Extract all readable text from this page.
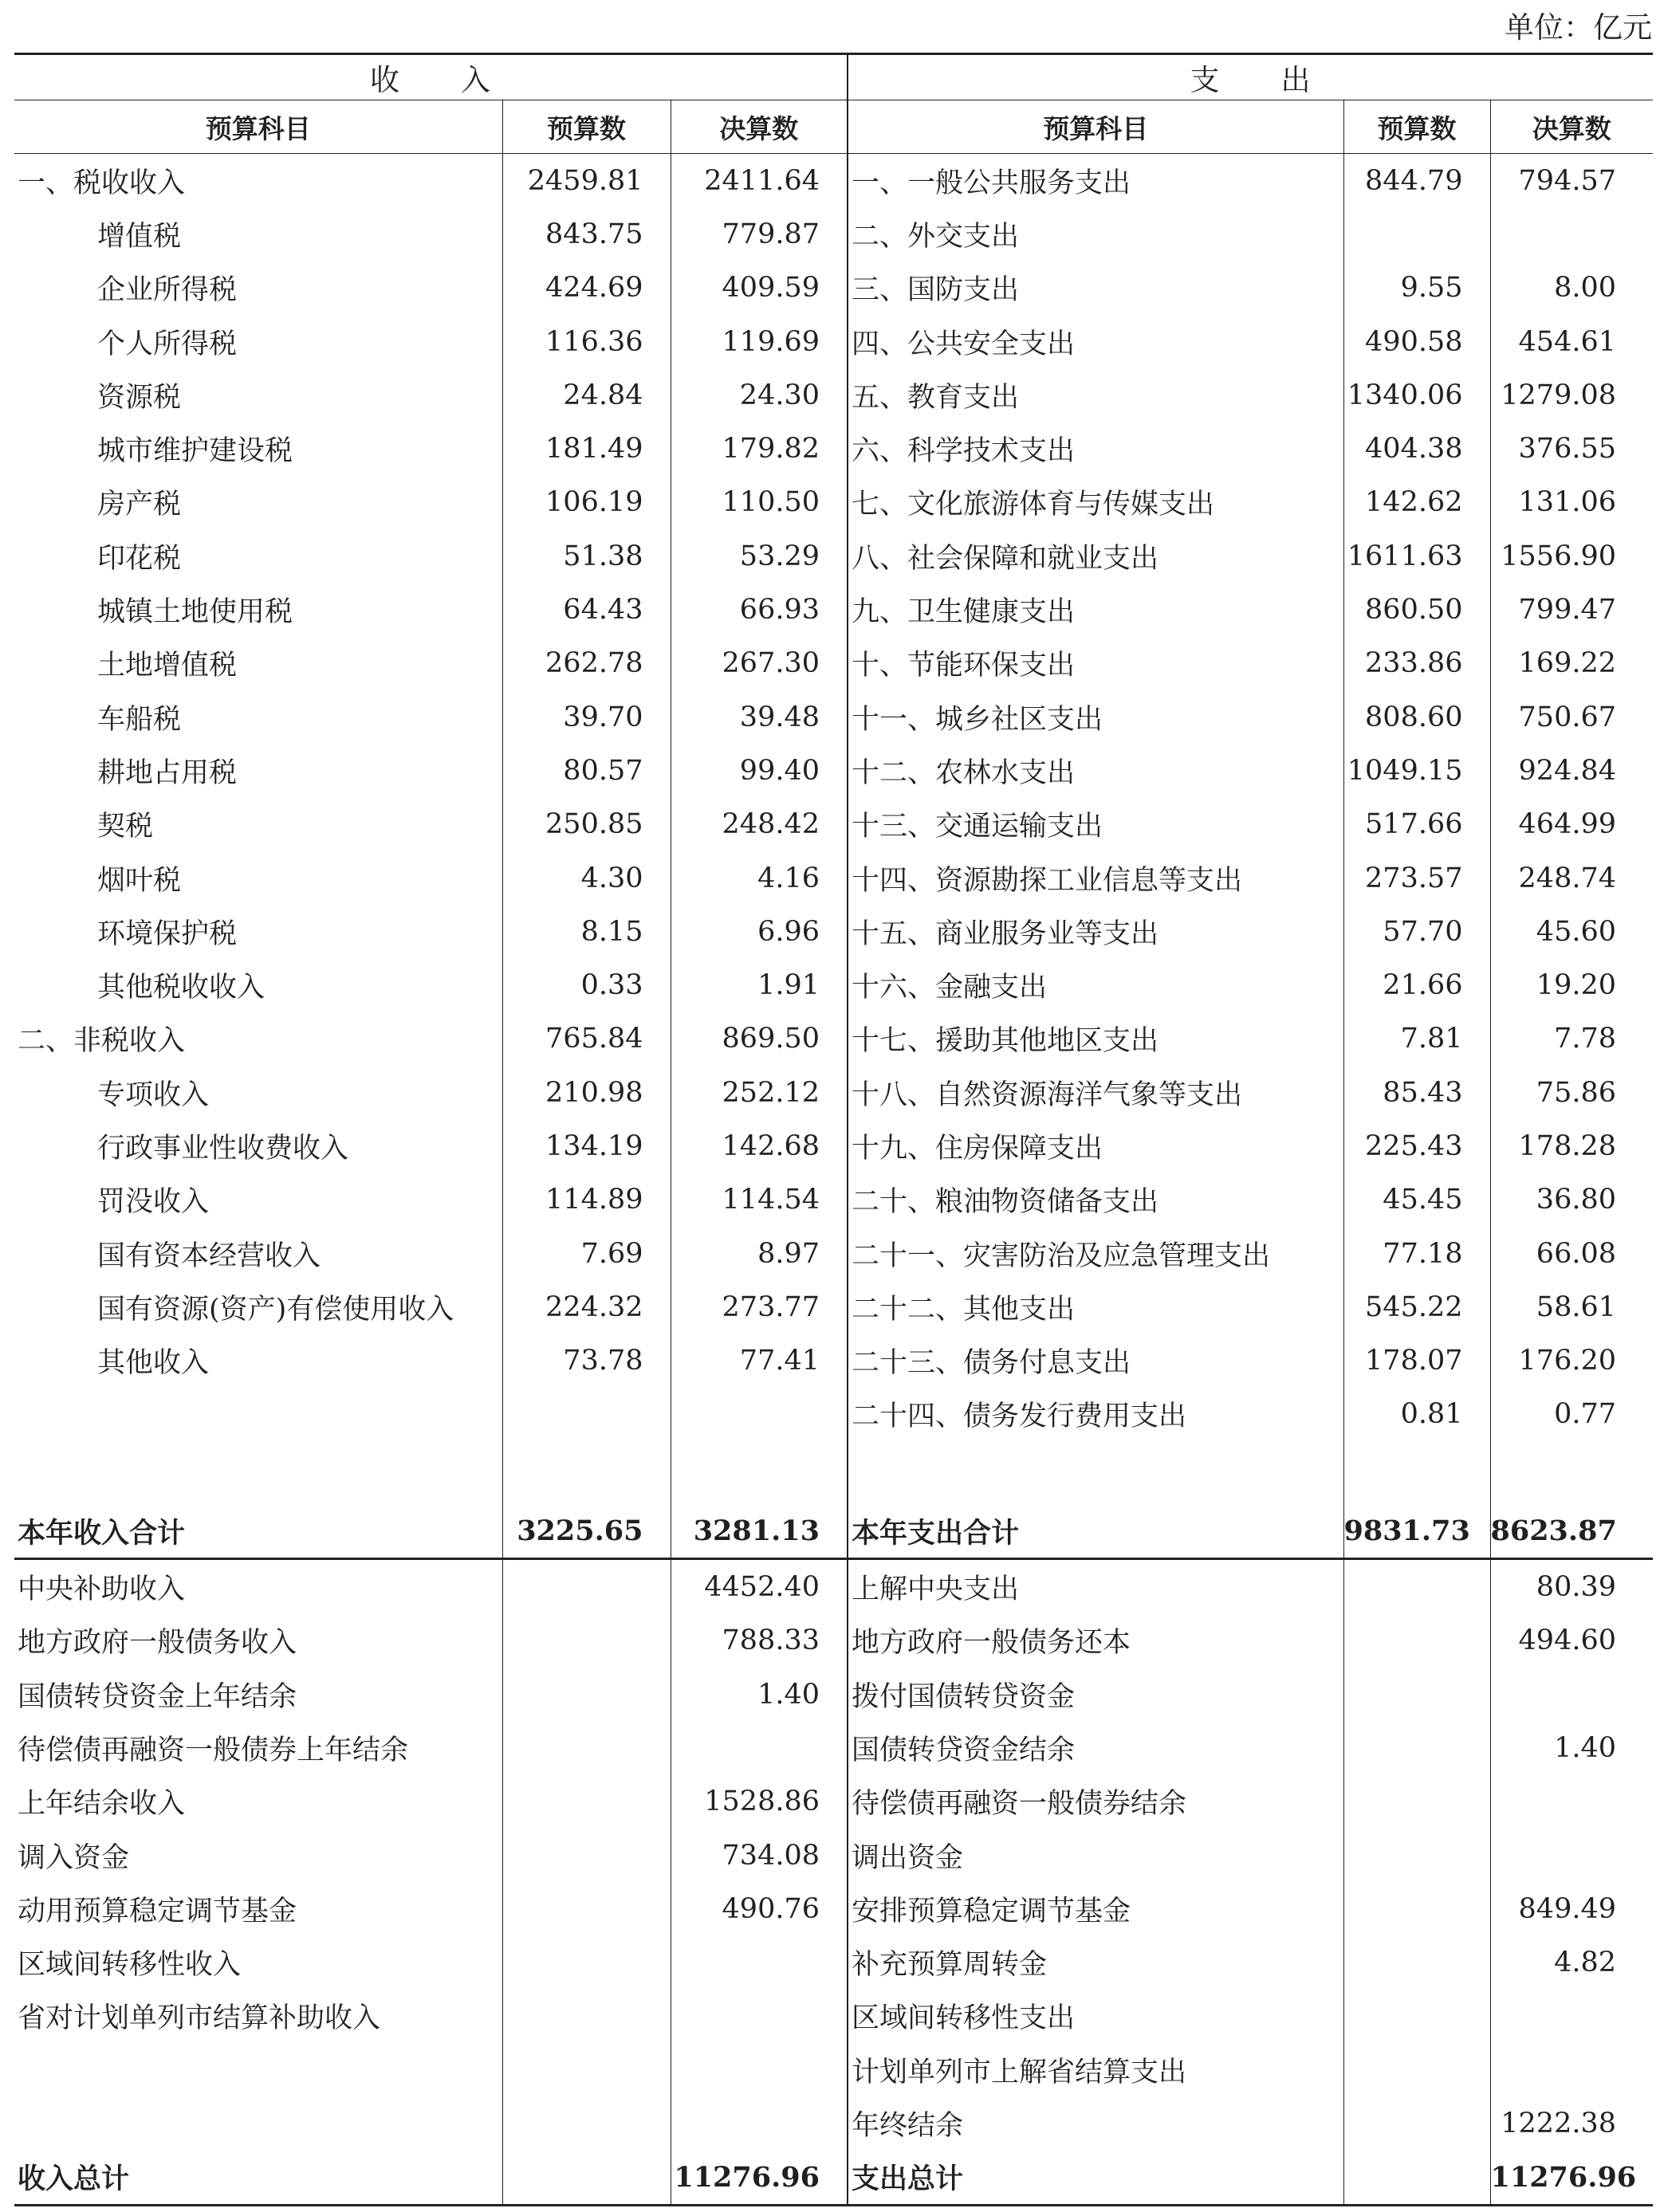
单位：亿元
收　　入			支　　出		
预算科目	预算数	决算数	预算科目	预算数	决算数
一、税收收入	2459.81	2411.64	一、一般公共服务支出	844.79	794.57
增值税	843.75	779.87	二、外交支出		
企业所得税	424.69	409.59	三、国防支出	9.55	8.00
个人所得税	116.36	119.69	四、公共安全支出	490.58	454.61
资源税	24.84	24.30	五、教育支出	1340.06	1279.08
城市维护建设税	181.49	179.82	六、科学技术支出	404.38	376.55
房产税	106.19	110.50	七、文化旅游体育与传媒支出	142.62	131.06
印花税	51.38	53.29	八、社会保障和就业支出	1611.63	1556.90
城镇土地使用税	64.43	66.93	九、卫生健康支出	860.50	799.47
土地增值税	262.78	267.30	十、节能环保支出	233.86	169.22
车船税	39.70	39.48	十一、城乡社区支出	808.60	750.67
耕地占用税	80.57	99.40	十二、农林水支出	1049.15	924.84
契税	250.85	248.42	十三、交通运输支出	517.66	464.99
烟叶税	4.30	4.16	十四、资源勘探工业信息等支出	273.57	248.74
环境保护税	8.15	6.96	十五、商业服务业等支出	57.70	45.60
其他税收收入	0.33	1.91	十六、金融支出	21.66	19.20
二、非税收入	765.84	869.50	十七、援助其他地区支出	7.81	7.78
专项收入	210.98	252.12	十八、自然资源海洋气象等支出	85.43	75.86
行政事业性收费收入	134.19	142.68	十九、住房保障支出	225.43	178.28
罚没收入	114.89	114.54	二十、粮油物资储备支出	45.45	36.80
国有资本经营收入	7.69	8.97	二十一、灾害防治及应急管理支出	77.18	66.08
国有资源(资产)有偿使用收入	224.32	273.77	二十二、其他支出	545.22	58.61
其他收入	73.78	77.41	二十三、债务付息支出	178.07	176.20
			二十四、债务发行费用支出	0.81	0.77

本年收入合计	3225.65	3281.13	本年支出合计	9831.73	8623.87
中央补助收入		4452.40	上解中央支出		80.39
地方政府一般债务收入		788.33	地方政府一般债务还本		494.60
国债转贷资金上年结余		1.40	拨付国债转贷资金		
待偿债再融资一般债券上年结余			国债转贷资金结余		1.40
上年结余收入		1528.86	待偿债再融资一般债券结余		
调入资金		734.08	调出资金		
动用预算稳定调节基金		490.76	安排预算稳定调节基金		849.49
区域间转移性收入			补充预算周转金		4.82
省对计划单列市结算补助收入			区域间转移性支出		
			计划单列市上解省结算支出		
			年终结余		1222.38
收入总计		11276.96	支出总计		11276.96
